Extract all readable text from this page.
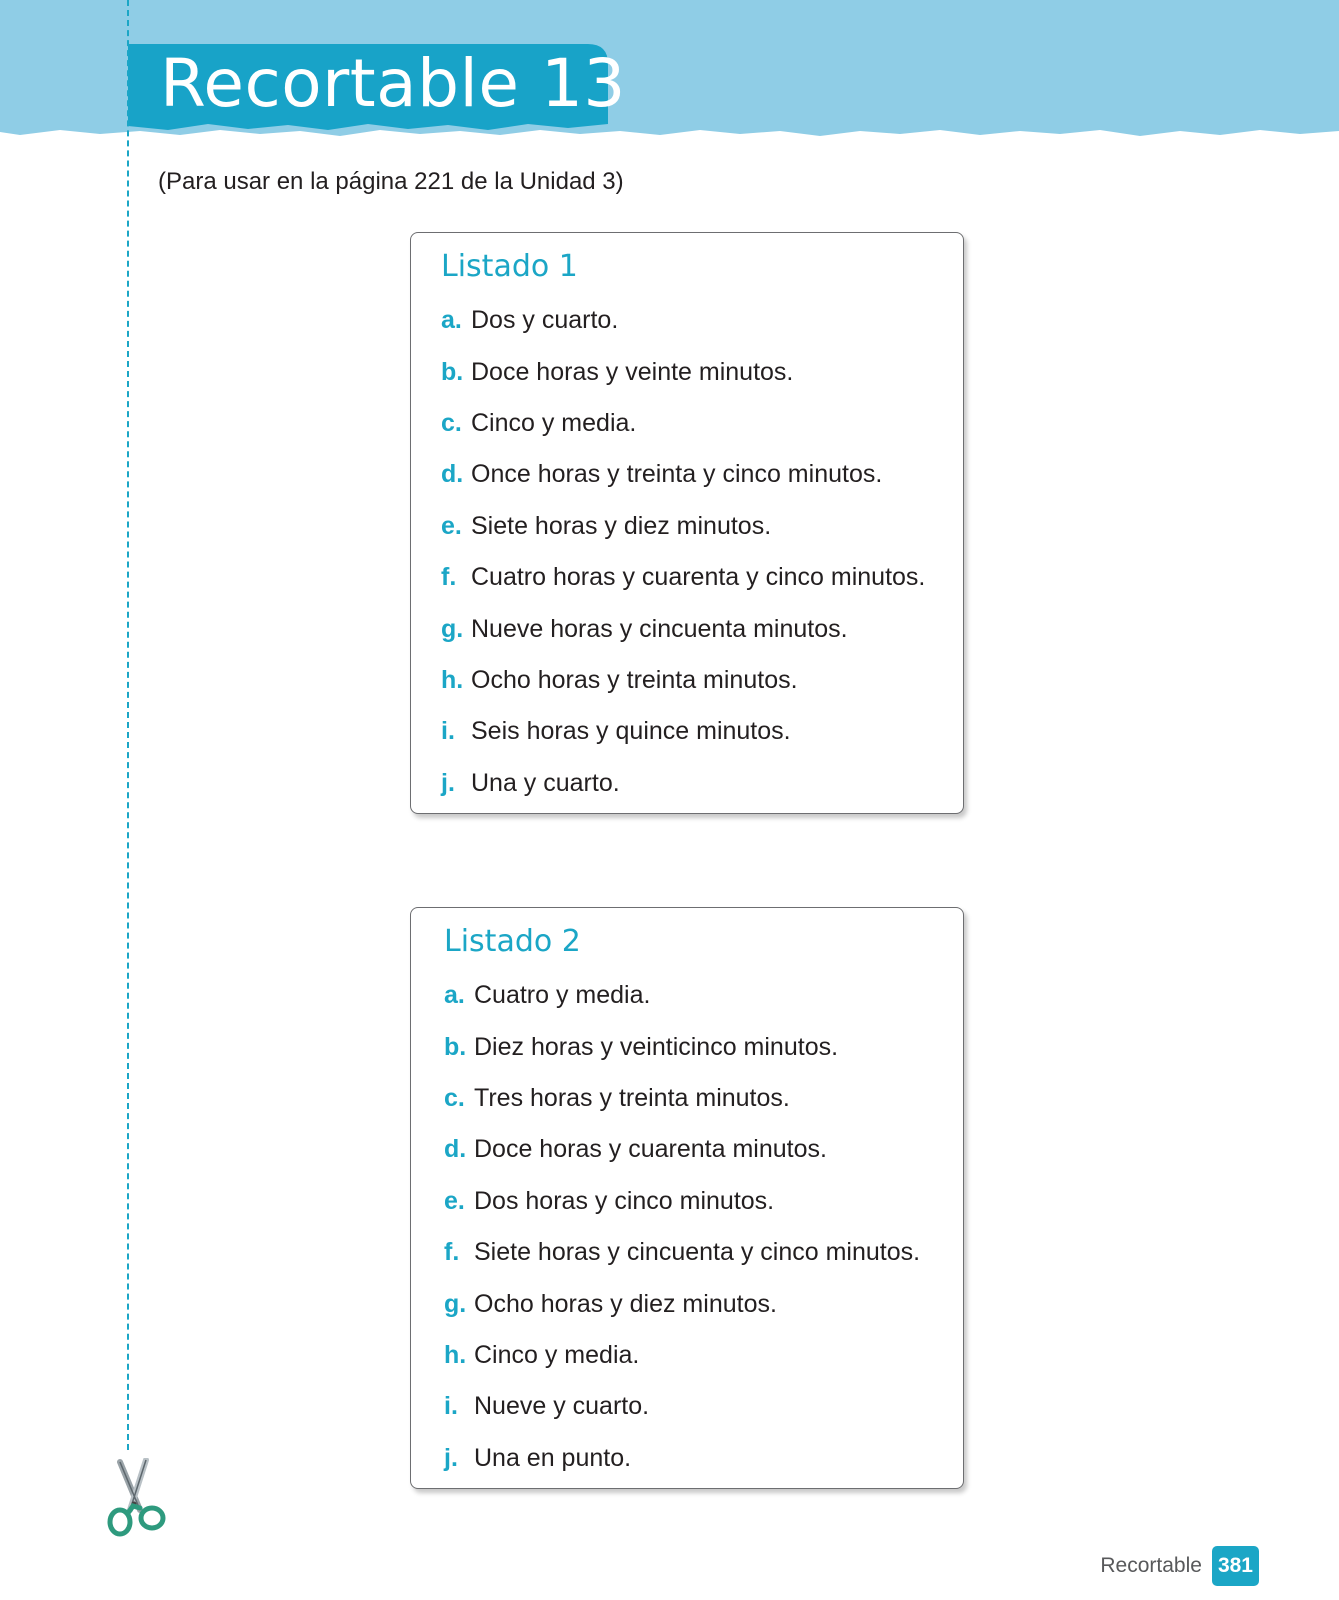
Recortable 13
(Para usar en la página 221 de la Unidad 3)
Listado 1
a. Dos y cuarto.
b. Doce horas y veinte minutos.
c. Cinco y media.
d. Once horas y treinta y cinco minutos.
e. Siete horas y diez minutos.
f. Cuatro horas y cuarenta y cinco minutos.
g. Nueve horas y cincuenta minutos.
h. Ocho horas y treinta minutos.
i. Seis horas y quince minutos.
j. Una y cuarto.
Listado 2
a. Cuatro y media.
b. Diez horas y veinticinco minutos.
c. Tres horas y treinta minutos.
d. Doce horas y cuarenta minutos.
e. Dos horas y cinco minutos.
f. Siete horas y cincuenta y cinco minutos.
g. Ocho horas y diez minutos.
h. Cinco y media.
i. Nueve y cuarto.
j. Una en punto.
Recortable 381
